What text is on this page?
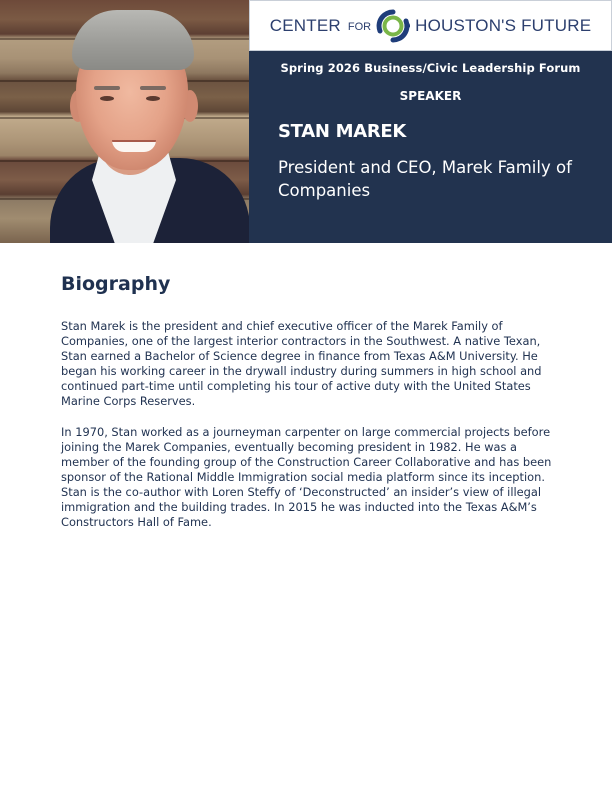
CENTER FOR	HOUSTON'S FUTURE
Spring 2026 Business/Civic Leadership Forum
SPEAKER
STAN MAREK
President and CEO, Marek Family of Companies
Biography

Stan Marek is the president and chief executive officer of the Marek Family of Companies, one of the largest interior contractors in the Southwest. A native Texan, Stan earned a Bachelor of Science degree in finance from Texas A&M University. He began his working career in the drywall industry during summers in high school and continued part-time until completing his tour of active duty with the United States Marine Corps Reserves.

In 1970, Stan worked as a journeyman carpenter on large commercial projects before joining the Marek Companies, eventually becoming president in 1982. He was a member of the founding group of the Construction Career Collaborative and has been sponsor of the Rational Middle Immigration social media platform since its inception. Stan is the co-author with Loren Steffy of ‘Deconstructed’ an insider’s view of illegal immigration and the building trades. In 2015 he was inducted into the Texas A&M’s Constructors Hall of Fame.
